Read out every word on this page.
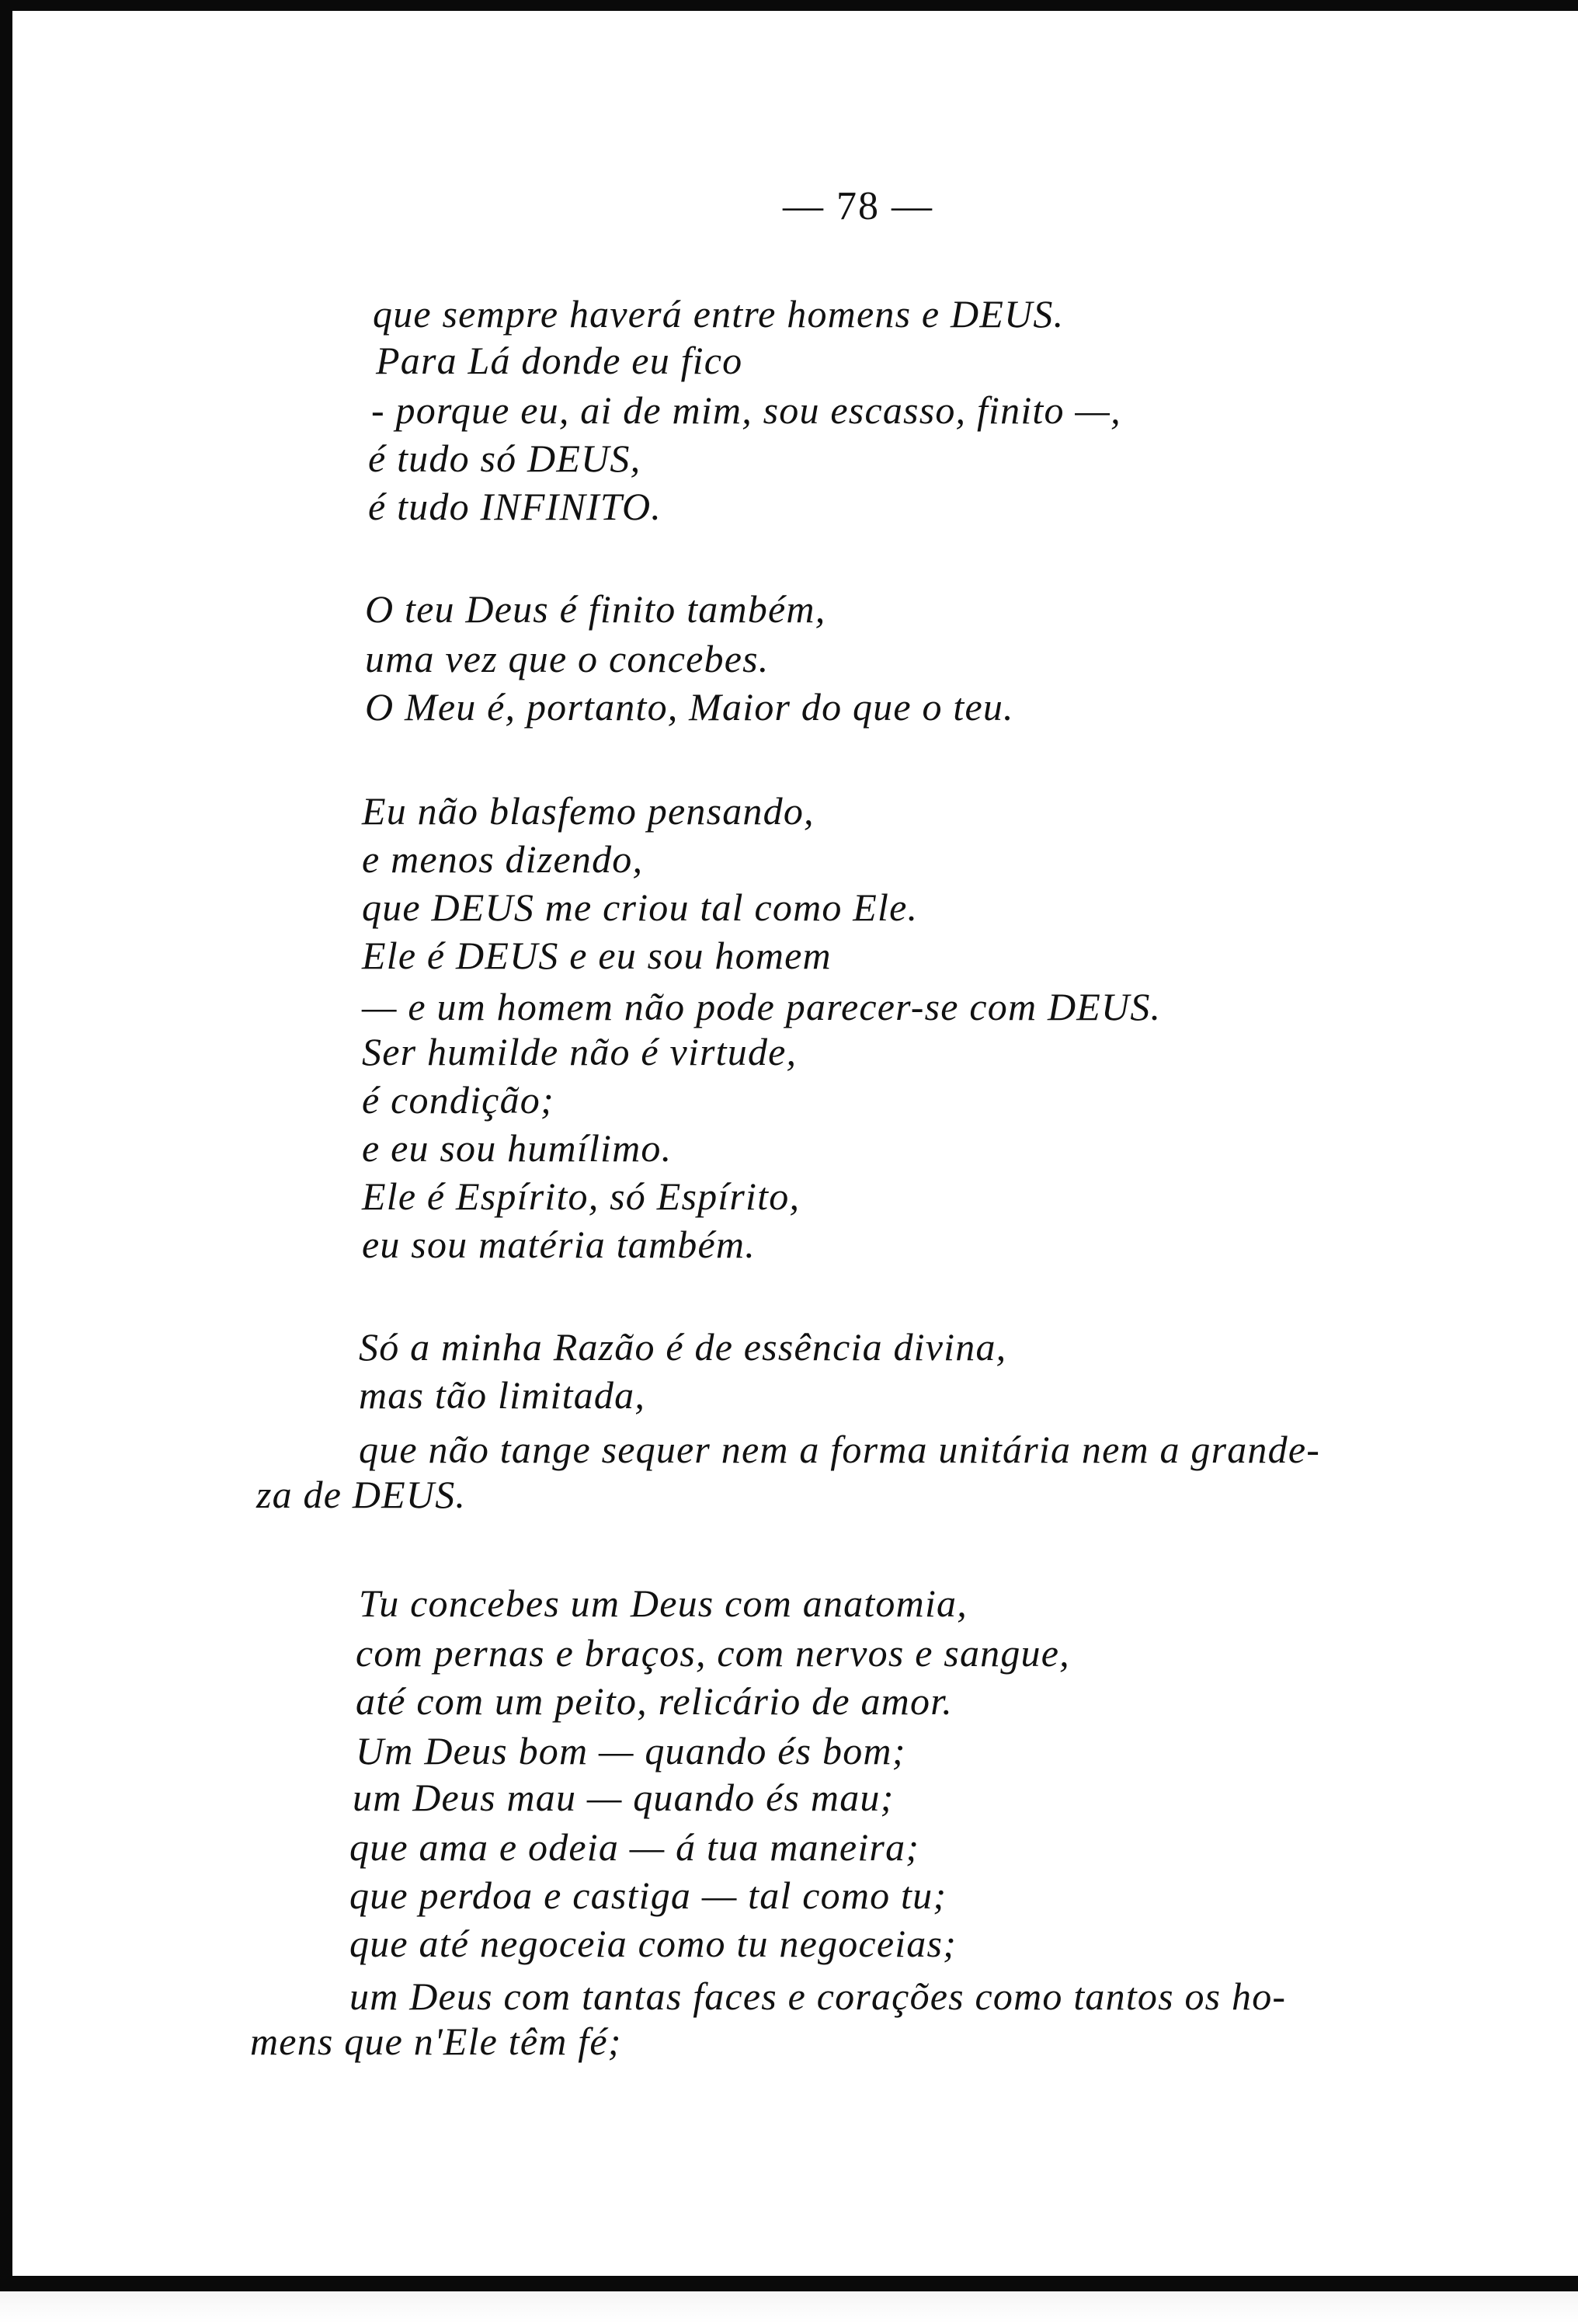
— 78 —
que sempre haverá entre homens e DEUS.
Para Lá donde eu fico
- porque eu, ai de mim, sou escasso, finito —,
é tudo só DEUS,
é tudo INFINITO.
O teu Deus é finito também,
uma vez que o concebes.
O Meu é, portanto, Maior do que o teu.
Eu não blasfemo pensando,
e menos dizendo,
que DEUS me criou tal como Ele.
Ele é DEUS e eu sou homem
— e um homem não pode parecer-se com DEUS.
Ser humilde não é virtude,
é condição;
e eu sou humílimo.
Ele é Espírito, só Espírito,
eu sou matéria também.
Só a minha Razão é de essência divina,
mas tão limitada,
que não tange sequer nem a forma unitária nem a grande-
za de DEUS.
Tu concebes um Deus com anatomia,
com pernas e braços, com nervos e sangue,
até com um peito, relicário de amor.
Um Deus bom — quando és bom;
um Deus mau — quando és mau;
que ama e odeia — á tua maneira;
que perdoa e castiga — tal como tu;
que até negoceia como tu negoceias;
um Deus com tantas faces e corações como tantos os ho-
mens que n'Ele têm fé;
